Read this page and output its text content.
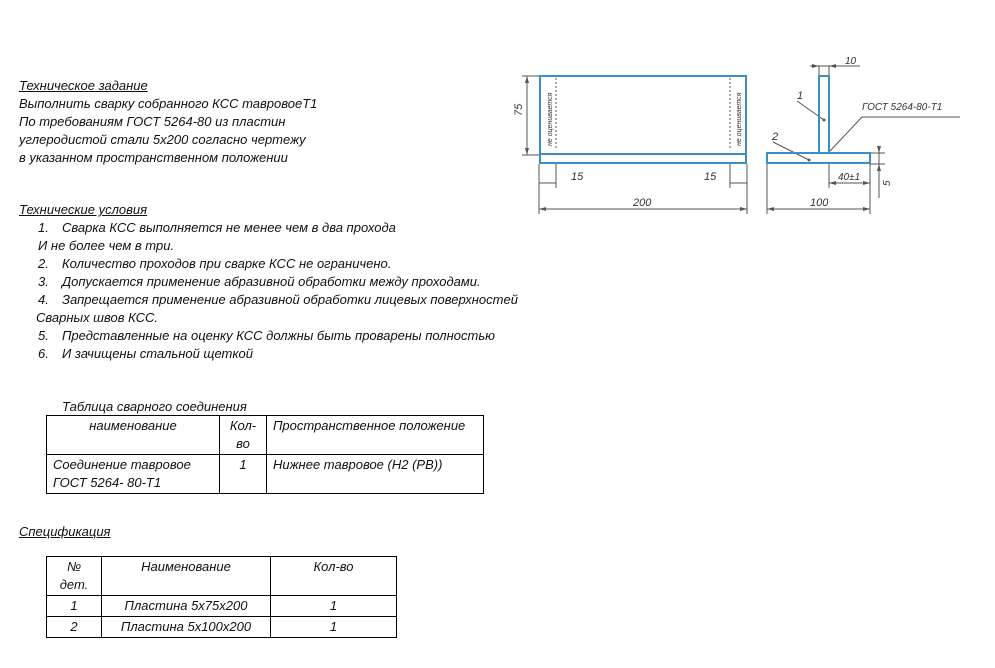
Техническое задание
Выполнить сварку собранного КСС тавровоеТ1
По требованиям ГОСТ 5264-80 из пластин
углеродистой стали 5х200 согласно чертежу
в указанном пространственном положении
Технические условия
1. Сварка КСС выполняется не менее чем в два прохода
И не более чем в три.
2. Количество проходов при сварке КСС не ограничено.
3. Допускается применение абразивной обработки между проходами.
4. Запрещается применение абразивной обработки лицевых поверхностей
Сварных швов КСС.
5. Представленные на оценку КСС должны быть проварены полностью
6. И зачищены стальной щеткой
Таблица сварного соединения
наименование	Кол-во	Пространственное положение
Соединение тавровое ГОСТ 5264- 80-Т1	1	Нижнее тавровое (Н2 (РВ))
Спецификация
№ дет.	Наименование	Кол-во
1	Пластина 5х75х200	1
2	Пластина 5х100х200	1
75
15	15
200	100
10
40±1
5
1
2
ГОСТ 5264-80-Т1
не оценивается	не оценивается
